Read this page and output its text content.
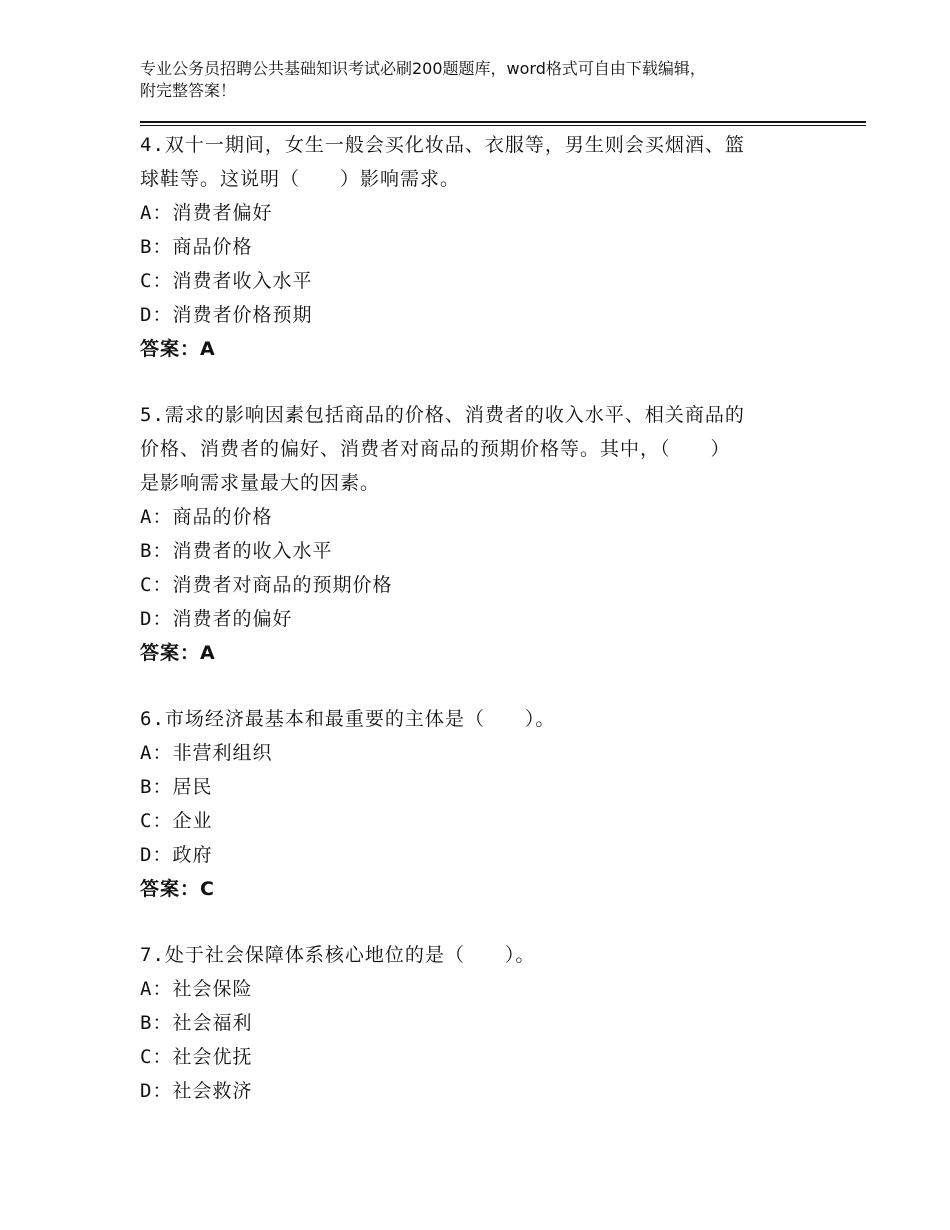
专业公务员招聘公共基础知识考试必刷200题题库，word格式可自由下载编辑，
附完整答案！
4.双十一期间，女生一般会买化妆品、衣服等，男生则会买烟酒、篮
球鞋等。这说明（　　）影响需求。
A：消费者偏好
B：商品价格
C：消费者收入水平
D：消费者价格预期
答案：A
5.需求的影响因素包括商品的价格、消费者的收入水平、相关商品的
价格、消费者的偏好、消费者对商品的预期价格等。其中，（　　）
是影响需求量最大的因素。
A：商品的价格
B：消费者的收入水平
C：消费者对商品的预期价格
D：消费者的偏好
答案：A
6.市场经济最基本和最重要的主体是（　　）。
A：非营利组织
B：居民
C：企业
D：政府
答案：C
7.处于社会保障体系核心地位的是（　　）。
A：社会保险
B：社会福利
C：社会优抚
D：社会救济
